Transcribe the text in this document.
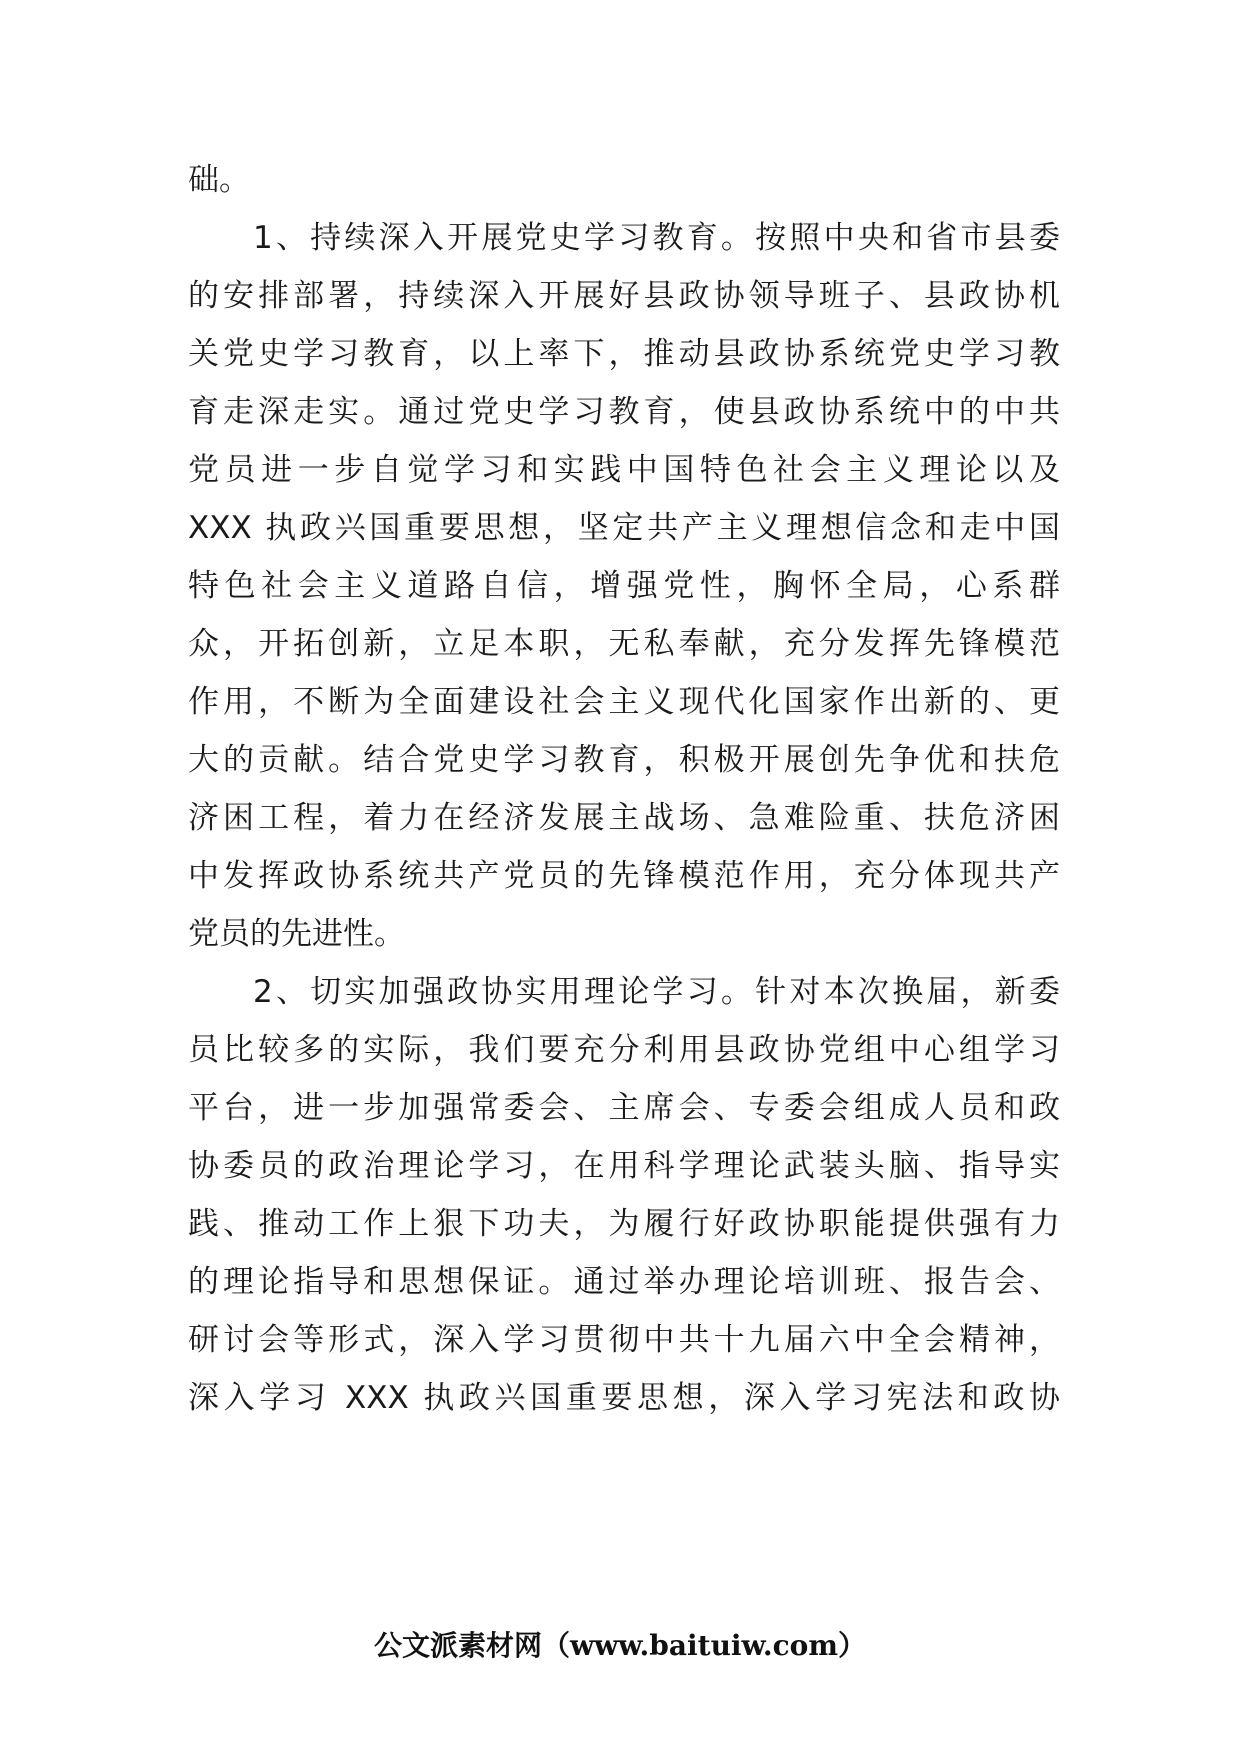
础。
1、持续深入开展党史学习教育。按照中央和省市县委
的安排部署，持续深入开展好县政协领导班子、县政协机
关党史学习教育，以上率下，推动县政协系统党史学习教
育走深走实。通过党史学习教育，使县政协系统中的中共
党员进一步自觉学习和实践中国特色社会主义理论以及
XXX 执政兴国重要思想，坚定共产主义理想信念和走中国
特色社会主义道路自信，增强党性，胸怀全局，心系群
众，开拓创新，立足本职，无私奉献，充分发挥先锋模范
作用，不断为全面建设社会主义现代化国家作出新的、更
大的贡献。结合党史学习教育，积极开展创先争优和扶危
济困工程，着力在经济发展主战场、急难险重、扶危济困
中发挥政协系统共产党员的先锋模范作用，充分体现共产
党员的先进性。
2、切实加强政协实用理论学习。针对本次换届，新委
员比较多的实际，我们要充分利用县政协党组中心组学习
平台，进一步加强常委会、主席会、专委会组成人员和政
协委员的政治理论学习，在用科学理论武装头脑、指导实
践、推动工作上狠下功夫，为履行好政协职能提供强有力
的理论指导和思想保证。通过举办理论培训班、报告会、
研讨会等形式，深入学习贯彻中共十九届六中全会精神，
深入学习 XXX 执政兴国重要思想，深入学习宪法和政协
公文派素材网（www.baituiw.com）
